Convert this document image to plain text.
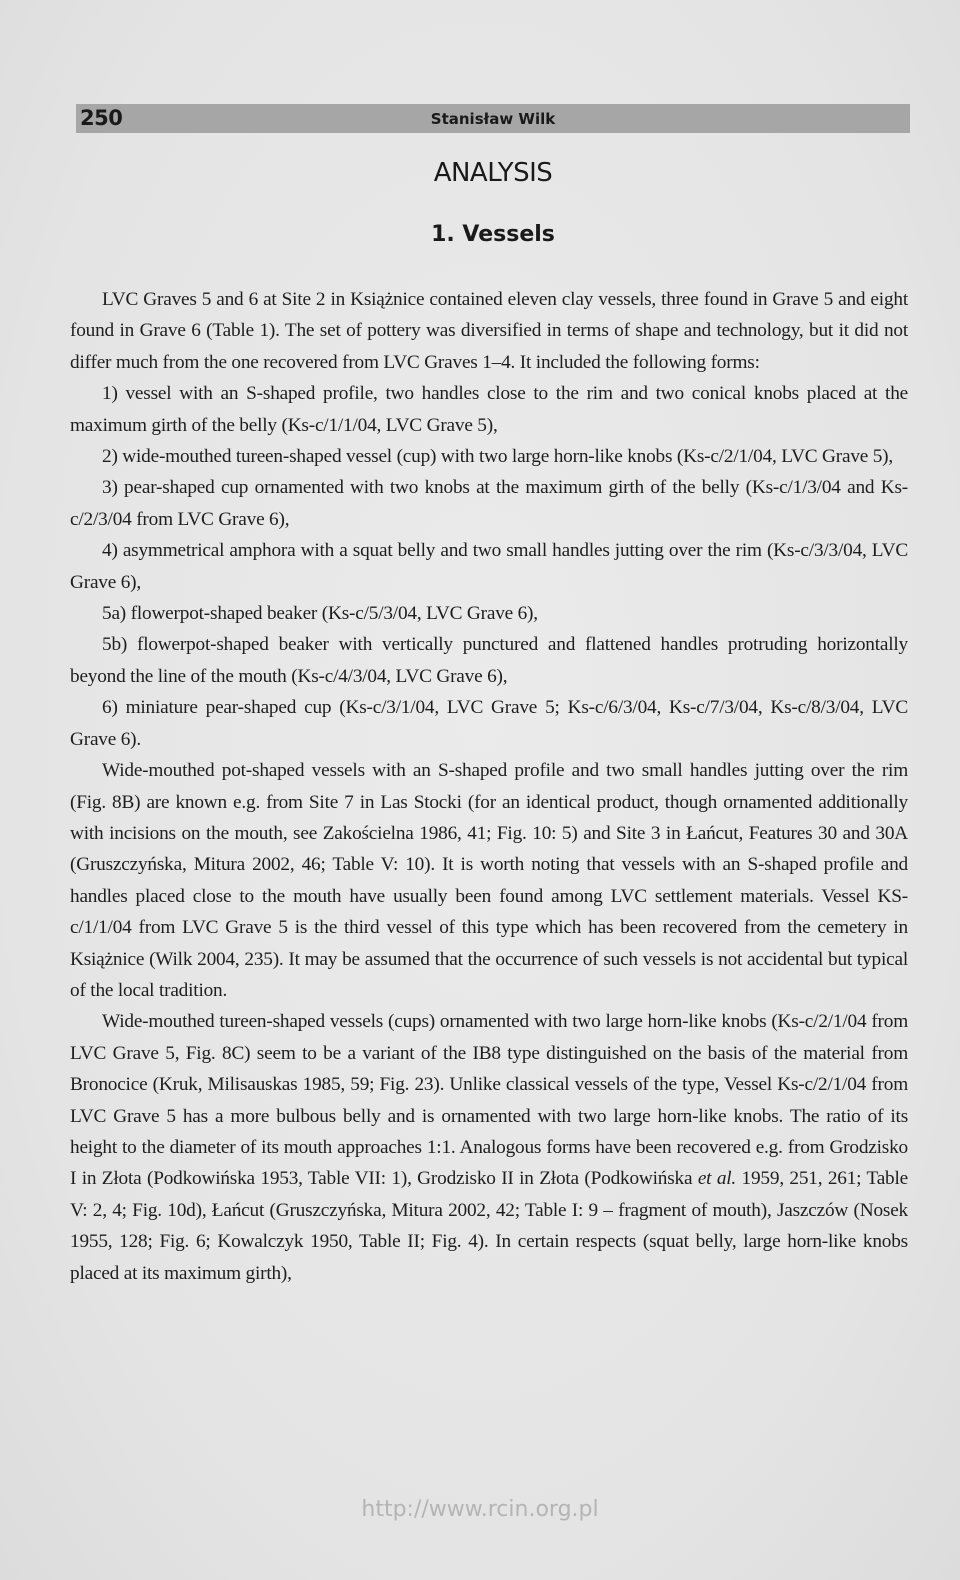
250	Stanisław Wilk
ANALYSIS
1. Vessels

LVC Graves 5 and 6 at Site 2 in Książnice contained eleven clay vessels, three found in Grave 5 and eight found in Grave 6 (Table 1). The set of pottery was diversified in terms of shape and technology, but it did not differ much from the one recovered from LVC Graves 1–4. It included the following forms:

1) vessel with an S-shaped profile, two handles close to the rim and two conical knobs placed at the maximum girth of the belly (Ks-c/1/1/04, LVC Grave 5),

2) wide-mouthed tureen-shaped vessel (cup) with two large horn-like knobs (Ks-c/2/1/04, LVC Grave 5),

3) pear-shaped cup ornamented with two knobs at the maximum girth of the belly (Ks-c/1/3/04 and Ks-c/2/3/04 from LVC Grave 6),

4) asymmetrical amphora with a squat belly and two small handles jutting over the rim (Ks-c/3/3/04, LVC Grave 6),

5a) flowerpot-shaped beaker (Ks-c/5/3/04, LVC Grave 6),

5b) flowerpot-shaped beaker with vertically punctured and flattened handles protruding horizontally beyond the line of the mouth (Ks-c/4/3/04, LVC Grave 6),

6) miniature pear-shaped cup (Ks-c/3/1/04, LVC Grave 5; Ks-c/6/3/04, Ks-c/7/3/04, Ks-c/8/3/04, LVC Grave 6).

Wide-mouthed pot-shaped vessels with an S-shaped profile and two small handles jutting over the rim (Fig. 8B) are known e.g. from Site 7 in Las Stocki (for an identical product, though ornamented additionally with incisions on the mouth, see Zakościelna 1986, 41; Fig. 10: 5) and Site 3 in Łańcut, Features 30 and 30A (Gruszczyńska, Mitura 2002, 46; Table V: 10). It is worth noting that vessels with an S-shaped profile and handles placed close to the mouth have usually been found among LVC settlement materials. Vessel KS-c/1/1/04 from LVC Grave 5 is the third vessel of this type which has been recovered from the cemetery in Książnice (Wilk 2004, 235). It may be assumed that the occurrence of such vessels is not accidental but typical of the local tradition.

Wide-mouthed tureen-shaped vessels (cups) ornamented with two large horn-like knobs (Ks-c/2/1/04 from LVC Grave 5, Fig. 8C) seem to be a variant of the IB8 type distinguished on the basis of the material from Bronocice (Kruk, Milisauskas 1985, 59; Fig. 23). Unlike classical vessels of the type, Vessel Ks-c/2/1/04 from LVC Grave 5 has a more bulbous belly and is ornamented with two large horn-like knobs. The ratio of its height to the diameter of its mouth approaches 1:1. Analogous forms have been recovered e.g. from Grodzisko I in Złota (Podkowińska 1953, Table VII: 1), Grodzisko II in Złota (Podkowińska et al. 1959, 251, 261; Table V: 2, 4; Fig. 10d), Łańcut (Gruszczyńska, Mitura 2002, 42; Table I: 9 – fragment of mouth), Jaszczów (Nosek 1955, 128; Fig. 6; Kowalczyk 1950, Table II; Fig. 4). In certain respects (squat belly, large horn-like knobs placed at its maximum girth),

http://www.rcin.org.pl
